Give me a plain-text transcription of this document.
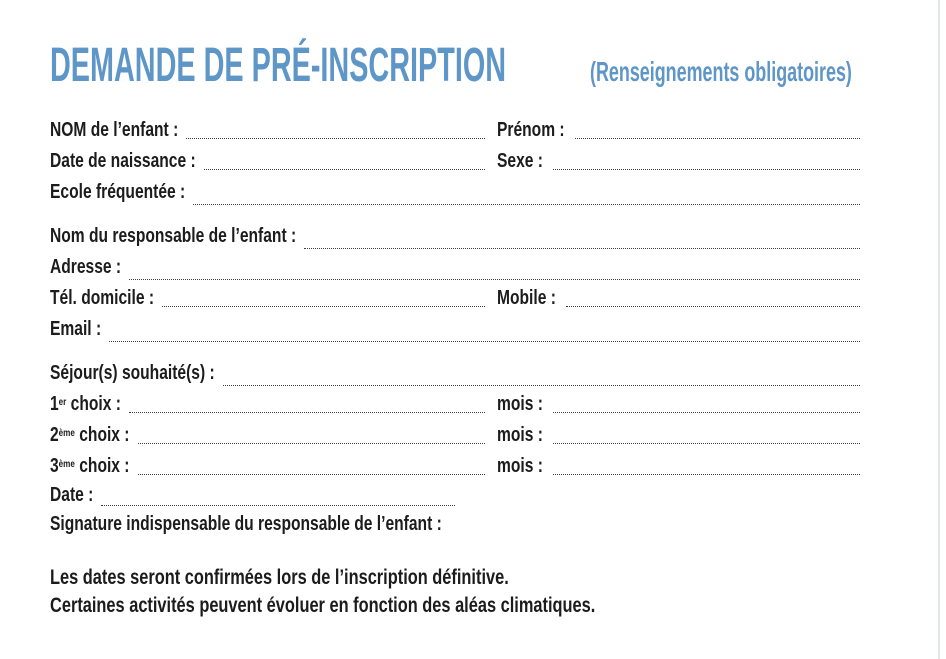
DEMANDE DE PRÉ-INSCRIPTION	(Renseignements obligatoires)
NOM de l’enfant :	Prénom :
Date de naissance :	Sexe :
Ecole fréquentée :
Nom du responsable de l’enfant :
Adresse :
Tél. domicile :	Mobile :
Email :
Séjour(s) souhaité(s) :
1er choix :	mois :
2ème choix :	mois :
3ème choix :	mois :
Date :
Signature indispensable du responsable de l’enfant :

Les dates seront confirmées lors de l’inscription définitive.

Certaines activités peuvent évoluer en fonction des aléas climatiques.
